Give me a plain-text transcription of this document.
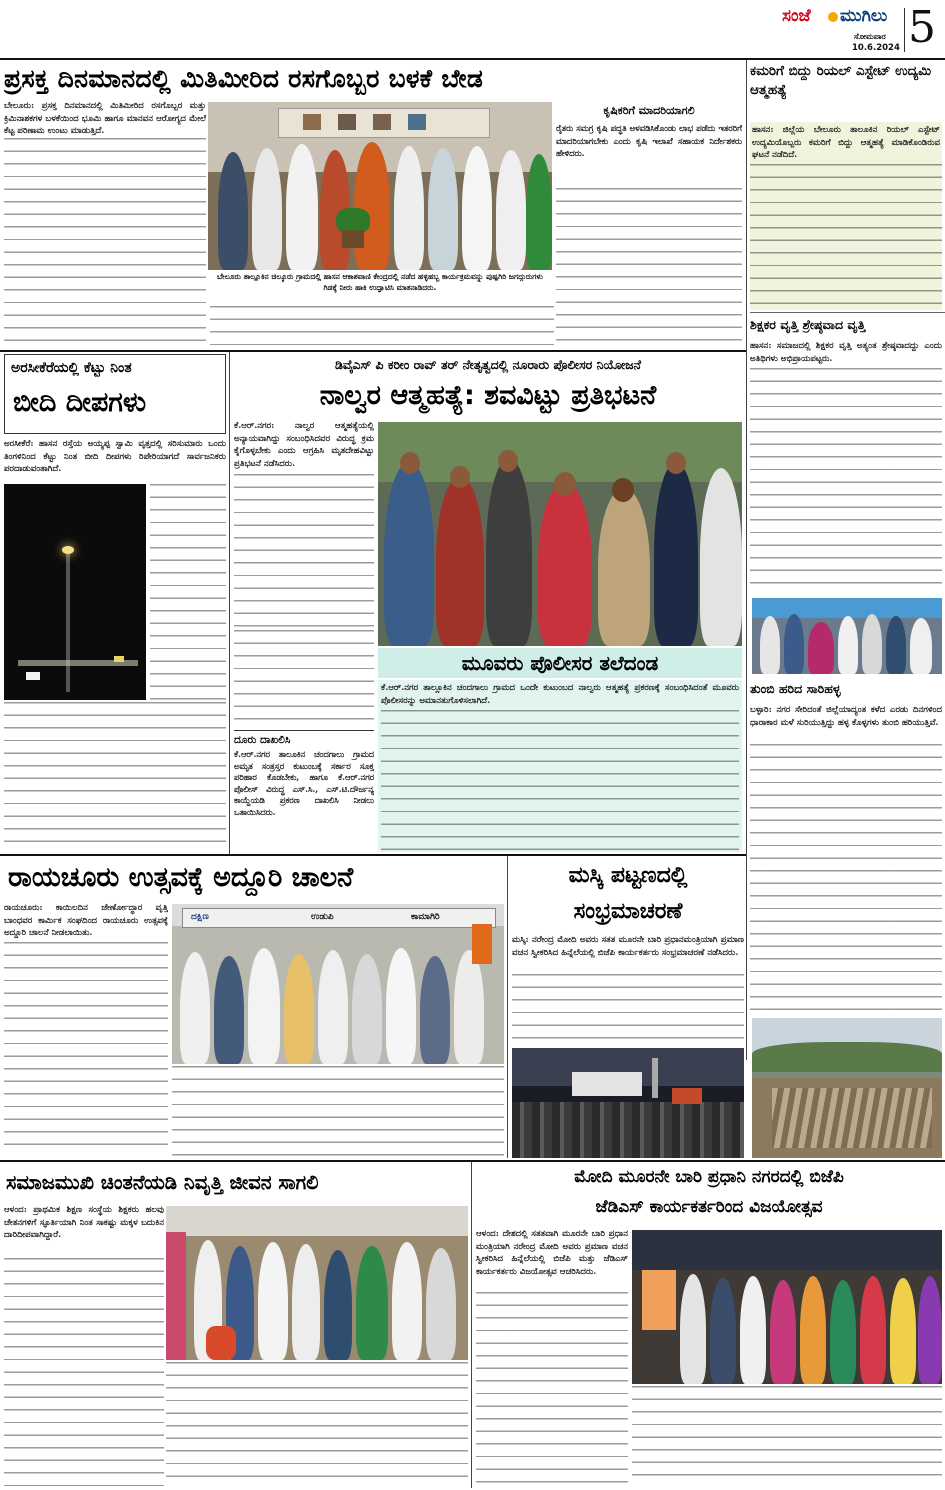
ಸಂಜೆ ಮುಗಿಲು
ಸೋಮವಾರ
10.6.2024 5
ಪ್ರಸಕ್ತ ದಿನಮಾನದಲ್ಲಿ ಮಿತಿಮೀರಿದ ರಸಗೊಬ್ಬರ ಬಳಕೆ ಬೇಡ
ಬೇಲೂರು: ಪ್ರಸಕ್ತ ದಿನಮಾನದಲ್ಲಿ ಮಿತಿಮೀರಿದ ರಸಗೊಬ್ಬರ ಮತ್ತು ಕ್ರಿಮಿನಾಶಕಗಳ ಬಳಕೆಯಿಂದ ಭೂಮಿ ಹಾಗೂ ಮಾನವನ ಆರೋಗ್ಯದ ಮೇಲೆ ಕೆಟ್ಟ ಪರಿಣಾಮ ಉಂಟು ಮಾಡುತ್ತಿದೆ.
ಬೇಲೂರು ತಾಲ್ಲೂಕಿನ ಚಿಲ್ಕೂರು ಗ್ರಾಮದಲ್ಲಿ ಹಾಸನ ಆಕಾಶವಾಣಿ ಕೇಂದ್ರದಲ್ಲಿ ನಡೆದ ಹಳ್ಳಿಹಬ್ಬ ಕಾರ್ಯಕ್ರಮವನ್ನು ಪುಷ್ಪಗಿರಿ ಜಗದ್ಗುರುಗಳು ಗಿಡಕ್ಕೆ ನೀರು ಹಾಕಿ ಉದ್ಘಾಟಿಸಿ ಮಾತನಾಡಿದರು.
ಕೃಷಿಕರಿಗೆ ಮಾದರಿಯಾಗಲಿ
ರೈತರು ಸಮಗ್ರ ಕೃಷಿ ಪದ್ಧತಿ ಅಳವಡಿಸಿಕೊಂಡು ಲಾಭ ಪಡೆದು ಇತರರಿಗೆ ಮಾದರಿಯಾಗಬೇಕು ಎಂದು ಕೃಷಿ ಇಲಾಖೆ ಸಹಾಯಕ ನಿರ್ದೇಶಕರು ಹೇಳಿದರು.
ಕಮರಿಗೆ ಬಿದ್ದು ರಿಯಲ್ ಎಸ್ಟೇಟ್ ಉದ್ಯಮಿ ಆತ್ಮಹತ್ಯೆ
ಹಾಸನ: ಜಿಲ್ಲೆಯ ಬೇಲೂರು ತಾಲೂಕಿನ ರಿಯಲ್ ಎಸ್ಟೇಟ್ ಉದ್ಯಮಿಯೊಬ್ಬರು ಕಮರಿಗೆ ಬಿದ್ದು ಆತ್ಮಹತ್ಯೆ ಮಾಡಿಕೊಂಡಿರುವ ಘಟನೆ ನಡೆದಿದೆ.
ಶಿಕ್ಷಕರ ವೃತ್ತಿ ಶ್ರೇಷ್ಠವಾದ ವೃತ್ತಿ
ಹಾಸನ: ಸಮಾಜದಲ್ಲಿ ಶಿಕ್ಷಕರ ವೃತ್ತಿ ಅತ್ಯಂತ ಶ್ರೇಷ್ಠವಾದದ್ದು ಎಂದು ಅತಿಥಿಗಳು ಅಭಿಪ್ರಾಯಪಟ್ಟರು.
ತುಂಬಿ ಹರಿದ ಸಾರಿಹಳ್ಳ
ಬಳ್ಳಾರಿ: ನಗರ ಸೇರಿದಂತೆ ಜಿಲ್ಲೆಯಾದ್ಯಂತ ಕಳೆದ ಎರಡು ದಿನಗಳಿಂದ ಧಾರಾಕಾರ ಮಳೆ ಸುರಿಯುತ್ತಿದ್ದು ಹಳ್ಳ ಕೊಳ್ಳಗಳು ತುಂಬಿ ಹರಿಯುತ್ತಿವೆ.
ಅರಸೀಕೆರೆಯಲ್ಲಿ ಕೆಟ್ಟು ನಿಂತ
ಬೀದಿ ದೀಪಗಳು
ಅರಸೀಕೆರೆ: ಹಾಸನ ರಸ್ತೆಯ ಅಯ್ಯಪ್ಪ ಸ್ವಾಮಿ ವೃತ್ತದಲ್ಲಿ ಸರಿಸುಮಾರು ಒಂದು ತಿಂಗಳಿನಿಂದ ಕೆಟ್ಟು ನಿಂತ ಬೀದಿ ದೀಪಗಳು ರಿಪೇರಿಯಾಗದೆ ಸಾರ್ವಜನಿಕರು ಪರದಾಡುವಂತಾಗಿದೆ.
ಡಿವೈಎಸ್ ಪಿ ಕರೀಂ ರಾವ್ ತರ್ ನೇತೃತ್ವದಲ್ಲಿ ನೂರಾರು ಪೊಲೀಸರ ನಿಯೋಜನೆ
ನಾಲ್ವರ ಆತ್ಮಹತ್ಯೆ: ಶವವಿಟ್ಟು ಪ್ರತಿಭಟನೆ
ಕೆ.ಆರ್.ನಗರ: ನಾಲ್ವರ ಆತ್ಮಹತ್ಯೆಯಲ್ಲಿ ಅನ್ಯಾಯವಾಗಿದ್ದು ಸಂಬಂಧಿಸಿದವರ ವಿರುದ್ಧ ಕ್ರಮ ಕೈಗೊಳ್ಳಬೇಕು ಎಂದು ಆಗ್ರಹಿಸಿ ಮೃತದೇಹವಿಟ್ಟು ಪ್ರತಿಭಟನೆ ನಡೆಸಿದರು.
ಮೂವರು ಪೊಲೀಸರ ತಲೆದಂಡ
ಕೆ.ಆರ್.ನಗರ ತಾಲ್ಲೂಕಿನ ಚಂದಗಾಲು ಗ್ರಾಮದ ಒಂದೇ ಕುಟುಂಬದ ನಾಲ್ವರು ಆತ್ಮಹತ್ಯೆ ಪ್ರಕರಣಕ್ಕೆ ಸಂಬಂಧಿಸಿದಂತೆ ಮೂವರು ಪೊಲೀಸರನ್ನು ಅಮಾನತುಗೊಳಿಸಲಾಗಿದೆ.
ದೂರು ದಾಖಲಿಸಿ
ಕೆ.ಆರ್.ನಗರ ತಾಲೂಕಿನ ಚಂದಗಾಲು ಗ್ರಾಮದ ಅಮೃತ ಸಂತ್ರಸ್ತರ ಕುಟುಂಬಕ್ಕೆ ಸರ್ಕಾರ ಸೂಕ್ತ ಪರಿಹಾರ ಕೊಡಬೇಕು, ಹಾಗೂ ಕೆ.ಆರ್.ನಗರ ಪೊಲೀಸ್ ವಿರುದ್ಧ ಎಸ್.ಸಿ., ಎಸ್.ಟಿ.ದೌರ್ಜನ್ಯ ಕಾಯ್ದೆಯಡಿ ಪ್ರಕರಣ ದಾಖಲಿಸಿ ನೀಡಲು ಒತಾಯಿಸಿದರು.
ರಾಯಚೂರು ಉತ್ಸವಕ್ಕೆ ಅದ್ದೂರಿ ಚಾಲನೆ
ರಾಯಚೂರು: ಕಾಯಿಲದಿನ ಜೇರ್ಣೋದ್ಧಾರ ವೃತ್ತಿ ಬಾಂಧವರ ಕಾರ್ಮಿಕ ಸಂಘದಿಂದ ರಾಯಚೂರು ಉತ್ಸವಕ್ಕೆ ಅದ್ದೂರಿ ಚಾಲನೆ ನೀಡಲಾಯಿತು.
ದಕ್ಷಿಣ	ಉಡುಪಿ	ಕಾಮಾಗಿರಿ
ಮಸ್ಕಿ ಪಟ್ಟಣದಲ್ಲಿ
ಸಂಭ್ರಮಾಚರಣೆ
ಮಸ್ಕಿ: ನರೇಂದ್ರ ಮೋದಿ ಅವರು ಸತತ ಮೂರನೇ ಬಾರಿ ಪ್ರಧಾನಮಂತ್ರಿಯಾಗಿ ಪ್ರಮಾಣ ವಚನ ಸ್ವೀಕರಿಸಿದ ಹಿನ್ನೆಲೆಯಲ್ಲಿ ಬಿಜೆಪಿ ಕಾರ್ಯಕರ್ತರು ಸಂಭ್ರಮಾಚರಣೆ ನಡೆಸಿದರು.
ಸಮಾಜಮುಖಿ ಚಿಂತನೆಯಡಿ ನಿವೃತ್ತಿ ಜೀವನ ಸಾಗಲಿ
ಆಳಂದ: ಪ್ರಾಥಮಿಕ ಶಿಕ್ಷಣ ಸಂಸ್ಥೆಯ ಶಿಕ್ಷಕರು ಹಲವು ಚೇತನಗಳಿಗೆ ಸ್ಫೂರ್ತಿಯಾಗಿ ನಿಂತ ಸಾಕಷ್ಟು ಮಕ್ಕಳ ಬದುಕಿನ ದಾರಿದೀಪವಾಗಿದ್ದಾರೆ.
ಮೋದಿ ಮೂರನೇ ಬಾರಿ ಪ್ರಧಾನಿ ನಗರದಲ್ಲಿ ಬಿಜೆಪಿ
ಜೆಡಿಎಸ್ ಕಾರ್ಯಕರ್ತರಿಂದ ವಿಜಯೋತ್ಸವ
ಆಳಂದ: ದೇಶದಲ್ಲಿ ಸತತವಾಗಿ ಮೂರನೇ ಬಾರಿ ಪ್ರಧಾನ ಮಂತ್ರಿಯಾಗಿ ನರೇಂದ್ರ ಮೋದಿ ಅವರು ಪ್ರಮಾಣ ವಚನ ಸ್ವೀಕರಿಸಿದ ಹಿನ್ನೆಲೆಯಲ್ಲಿ ಬಿಜೆಪಿ ಮತ್ತು ಜೆಡಿಎಸ್ ಕಾರ್ಯಕರ್ತರು ವಿಜಯೋತ್ಸವ ಆಚರಿಸಿದರು.
